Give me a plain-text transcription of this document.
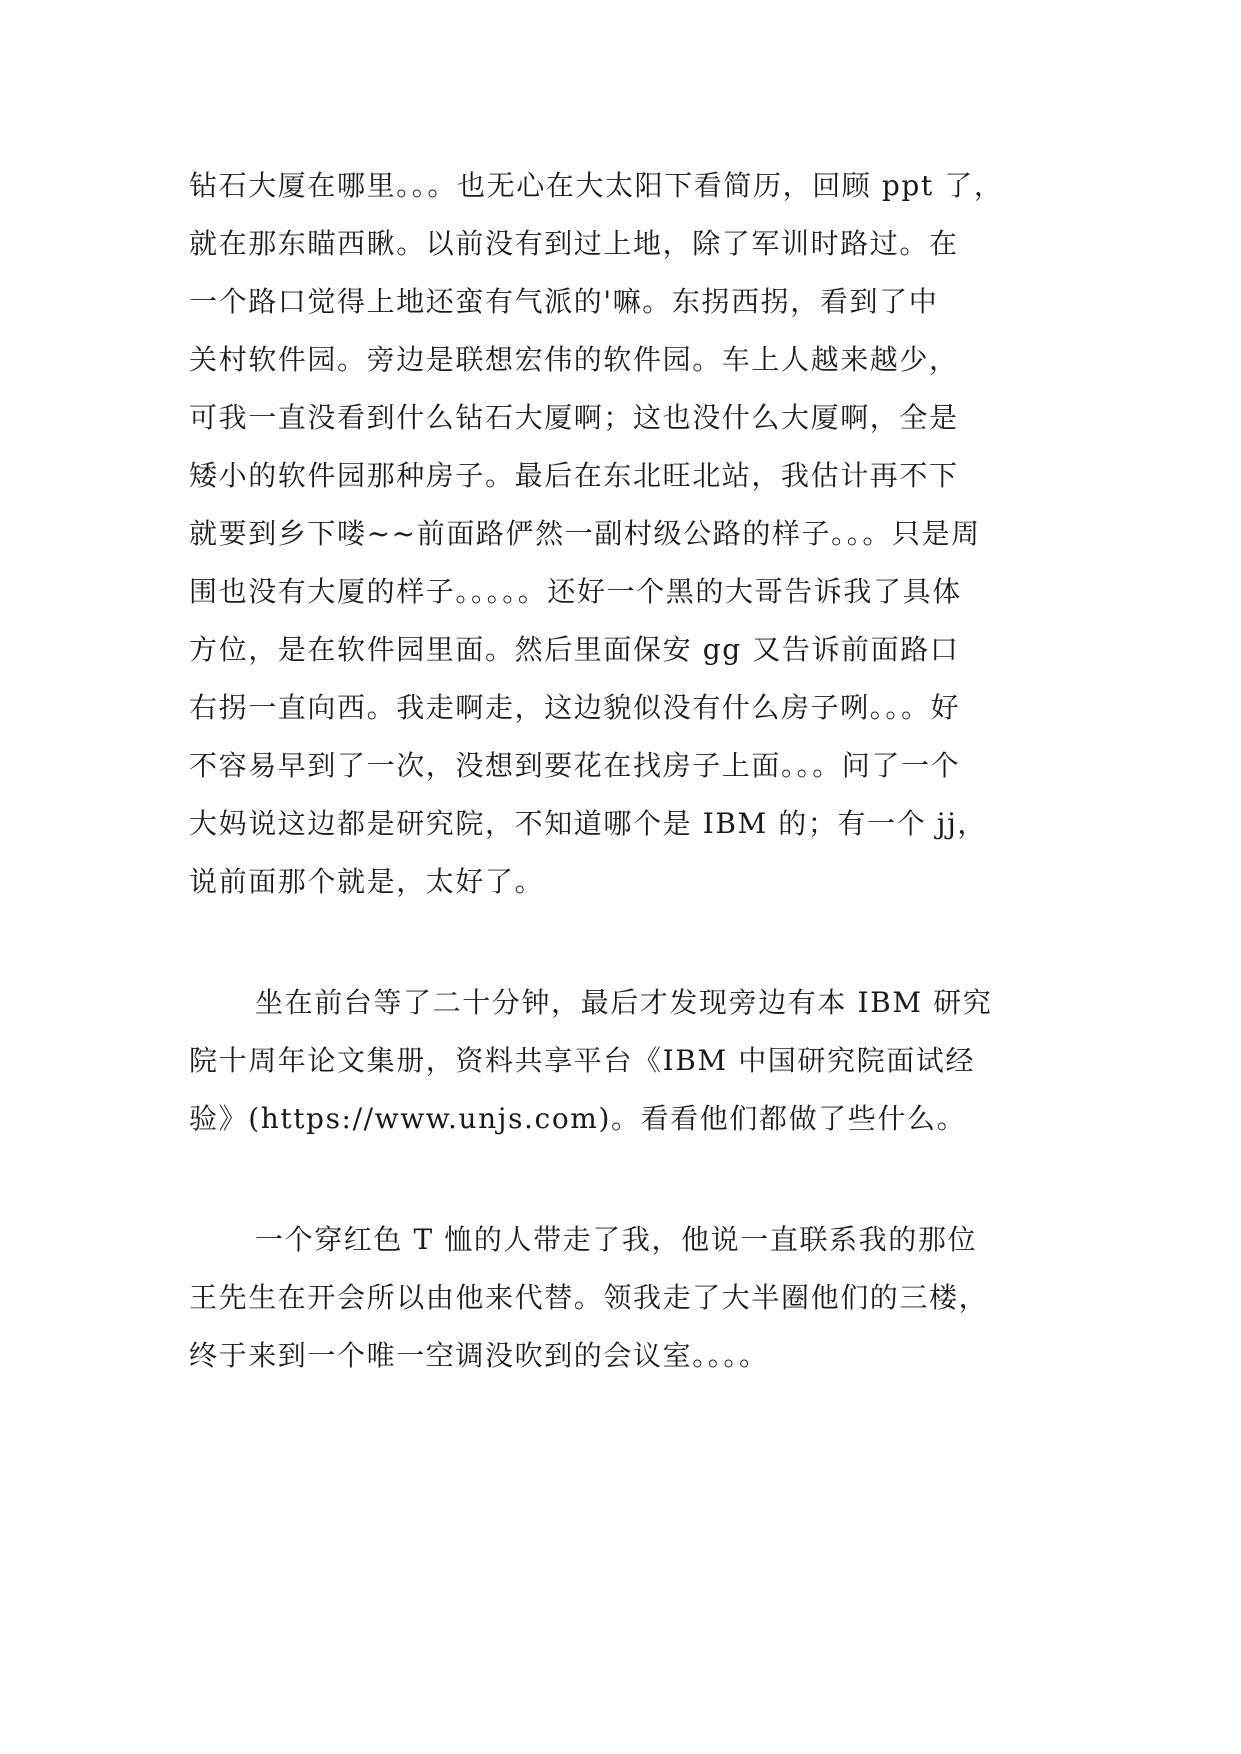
钻石大厦在哪里。。。也无心在大太阳下看简历，回顾 ppt 了，
就在那东瞄西瞅。以前没有到过上地，除了军训时路过。在
一个路口觉得上地还蛮有气派的'嘛。东拐西拐，看到了中
关村软件园。旁边是联想宏伟的软件园。车上人越来越少，
可我一直没看到什么钻石大厦啊；这也没什么大厦啊，全是
矮小的软件园那种房子。最后在东北旺北站，我估计再不下
就要到乡下喽~~前面路俨然一副村级公路的样子。。。只是周
围也没有大厦的样子。。。。。还好一个黑的大哥告诉我了具体
方位，是在软件园里面。然后里面保安 gg 又告诉前面路口
右拐一直向西。我走啊走，这边貌似没有什么房子咧。。。好
不容易早到了一次，没想到要花在找房子上面。。。问了一个
大妈说这边都是研究院，不知道哪个是 IBM 的；有一个 jj，
说前面那个就是，太好了。

坐在前台等了二十分钟，最后才发现旁边有本 IBM 研究
院十周年论文集册，资料共享平台《IBM 中国研究院面试经
验》(https://www.unjs.com)。看看他们都做了些什么。

一个穿红色 T 恤的人带走了我，他说一直联系我的那位
王先生在开会所以由他来代替。领我走了大半圈他们的三楼，
终于来到一个唯一空调没吹到的会议室。。。。
